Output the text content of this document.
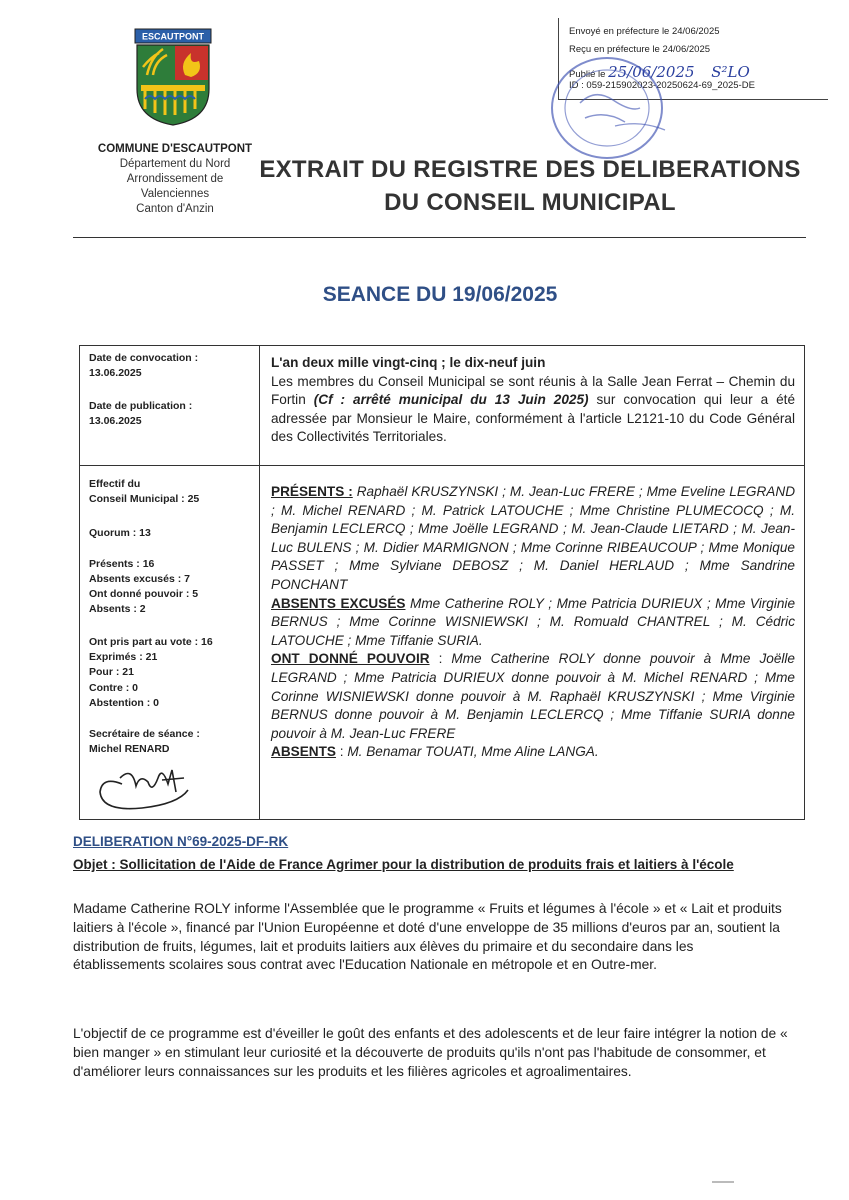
ESCAUTPONT
COMMUNE D'ESCAUTPONT
Département du Nord
Arrondissement de
Valenciennes
Canton d'Anzin
Envoyé en préfecture le 24/06/2025
Reçu en préfecture le 24/06/2025
Publié le 25/06/2025 S²LO
ID : 059-215902023-20250624-69_2025-DE
EXTRAIT DU REGISTRE DES DELIBERATIONS
DU CONSEIL MUNICIPAL
SEANCE DU 19/06/2025
Date de convocation :
13.06.2025
Date de publication :
13.06.2025
L'an deux mille vingt-cinq ; le dix-neuf juin
Les membres du Conseil Municipal se sont réunis à la Salle Jean Ferrat – Chemin du Fortin (Cf : arrêté municipal du 13 Juin 2025) sur convocation qui leur a été adressée par Monsieur le Maire, conformément à l'article L2121-10 du Code Général des Collectivités Territoriales.
Effectif du
Conseil Municipal : 25
Quorum : 13
Présents : 16
Absents excusés : 7
Ont donné pouvoir : 5
Absents : 2
Ont pris part au vote : 16
Exprimés : 21
Pour : 21
Contre : 0
Abstention : 0
Secrétaire de séance :
Michel RENARD
PRÉSENTS : Raphaël KRUSZYNSKI ; M. Jean-Luc FRERE ; Mme Eveline LEGRAND ; M. Michel RENARD ; M. Patrick LATOUCHE ; Mme Christine PLUMECOCQ ; M. Benjamin LECLERCQ ; Mme Joëlle LEGRAND ; M. Jean-Claude LIETARD ; M. Jean-Luc BULENS ; M. Didier MARMIGNON ; Mme Corinne RIBEAUCOUP ; Mme Monique PASSET ; Mme Sylviane DEBOSZ ; M. Daniel HERLAUD ; Mme Sandrine PONCHANT
ABSENTS EXCUSÉS Mme Catherine ROLY ; Mme Patricia DURIEUX ; Mme Virginie BERNUS ; Mme Corinne WISNIEWSKI ; M. Romuald CHANTREL ; M. Cédric LATOUCHE ; Mme Tiffanie SURIA.
ONT DONNÉ POUVOIR : Mme Catherine ROLY donne pouvoir à Mme Joëlle LEGRAND ; Mme Patricia DURIEUX donne pouvoir à M. Michel RENARD ; Mme Corinne WISNIEWSKI donne pouvoir à M. Raphaël KRUSZYNSKI ; Mme Virginie BERNUS donne pouvoir à M. Benjamin LECLERCQ ; Mme Tiffanie SURIA donne pouvoir à M. Jean-Luc FRERE
ABSENTS : M. Benamar TOUATI, Mme Aline LANGA.
DELIBERATION N°69-2025-DF-RK
Objet : Sollicitation de l'Aide de France Agrimer pour la distribution de produits frais et laitiers à l'école
Madame Catherine ROLY informe l'Assemblée que le programme « Fruits et légumes à l'école » et « Lait et produits laitiers à l'école », financé par l'Union Européenne et doté d'une enveloppe de 35 millions d'euros par an, soutient la distribution de fruits, légumes, lait et produits laitiers aux élèves du primaire et du secondaire dans les établissements scolaires sous contrat avec l'Education Nationale en métropole et en Outre-mer.
L'objectif de ce programme est d'éveiller le goût des enfants et des adolescents et de leur faire intégrer la notion de « bien manger » en stimulant leur curiosité et la découverte de produits qu'ils n'ont pas l'habitude de consommer, et d'améliorer leurs connaissances sur les produits et les filières agricoles et agroalimentaires.
